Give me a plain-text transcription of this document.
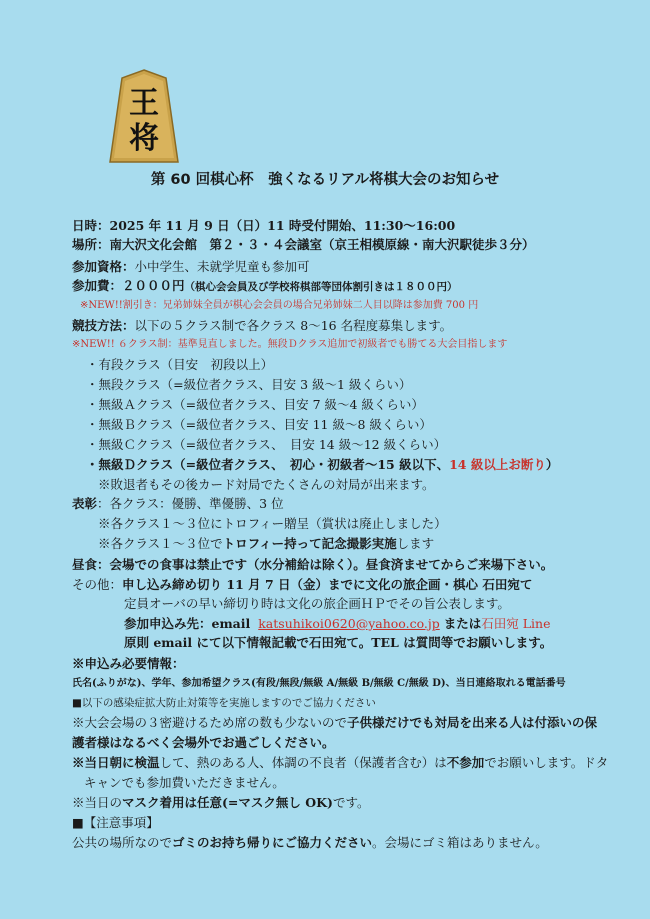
王
将
第 60 回棋心杯　強くなるリアル将棋大会のお知らせ
日時：2025 年 11 月 9 日（日）11 時受付開始、11:30～16:00
場所：南大沢文化会館　第２・３・４会議室（京王相模原線・南大沢駅徒歩３分）
参加資格：小中学生、未就学児童も参加可
参加費：２０００円（棋心会会員及び学校将棋部等団体割引きは１８００円）
※NEW!!割引き：兄弟姉妹全員が棋心会会員の場合兄弟姉妹二人目以降は参加費 700 円
競技方法：以下の５クラス制で各クラス 8～16 名程度募集します。
※NEW!! ６クラス制：基準見直しました。無段Ｄクラス追加で初級者でも勝てる大会目指します
・有段クラス（目安　初段以上）
・無段クラス（=級位者クラス、目安 3 級～1 級くらい）
・無級Ａクラス（=級位者クラス、目安 7 級～4 級くらい）
・無級Ｂクラス（=級位者クラス、目安 11 級～8 級くらい）
・無級Ｃクラス（=級位者クラス、　目安 14 級～12 級くらい）
・無級Ｄクラス（=級位者クラス、　初心・初級者～15 級以下、14 級以上お断り）
※敗退者もその後カード対局でたくさんの対局が出来ます。
表彰：各クラス：優勝、準優勝、3 位
※各クラス１～３位にトロフィー贈呈（賞状は廃止しました）
※各クラス１～３位でトロフィー持って記念撮影実施します
昼食：会場での食事は禁止です（水分補給は除く）。昼食済ませてからご来場下さい。
その他：申し込み締め切り 11 月 7 日（金）までに文化の旅企画・棋心 石田宛て
定員オーバの早い締切り時は文化の旅企画ＨＰでその旨公表します。
参加申込み先：email katsuhikoi0620@yahoo.co.jp または石田宛 Line
原則 email にて以下情報記載で石田宛て。TEL は質問等でお願いします。
※申込み必要情報：
氏名(ふりがな)、学年、参加希望クラス(有段/無段/無級 A/無級 B/無級 C/無級 D)、当日連絡取れる電話番号
■以下の感染症拡大防止対策等を実施しますのでご協力ください
※大会会場の３密避けるため席の数も少ないので子供様だけでも対局を出来る人は付添いの保
護者様はなるべく会場外でお過ごしください。
※当日朝に検温して、熱のある人、体調の不良者（保護者含む）は不参加でお願いします。ドタ
キャンでも参加費いただきません。
※当日のマスク着用は任意(=マスク無し OK)です。
■【注意事項】
公共の場所なのでゴミのお持ち帰りにご協力ください。会場にゴミ箱はありません。
